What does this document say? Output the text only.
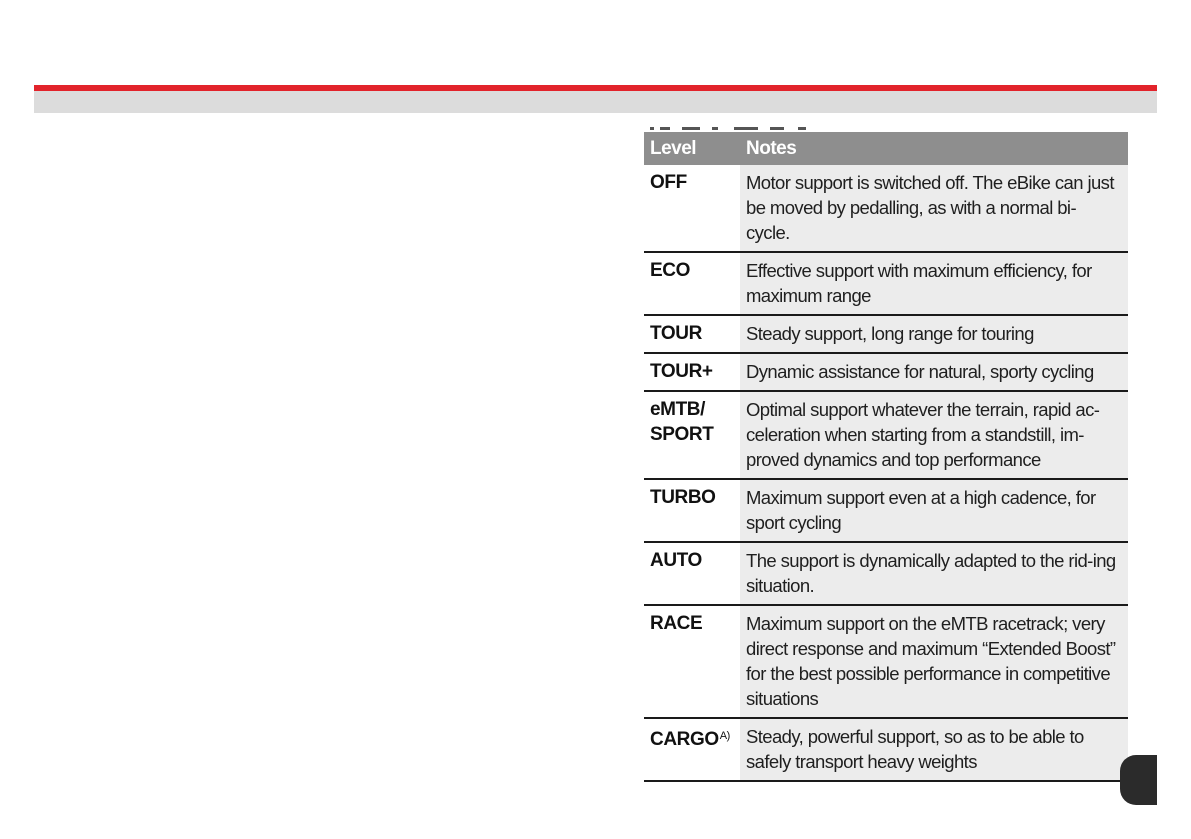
Level	Notes
OFF	Motor support is switched off. The eBike can just be moved by pedalling, as with a normal bi-cycle.
ECO	Effective support with maximum efficiency, for maximum range
TOUR	Steady support, long range for touring
TOUR+	Dynamic assistance for natural, sporty cycling
eMTB/ SPORT	Optimal support whatever the terrain, rapid ac-celeration when starting from a standstill, im-proved dynamics and top performance
TURBO	Maximum support even at a high cadence, for sport cycling
AUTO	The support is dynamically adapted to the rid-ing situation.
RACE	Maximum support on the eMTB racetrack; very direct response and maximum “Extended Boost” for the best possible performance in competitive situations
$CARGO^{A)}$	Steady, powerful support, so as to be able to safely transport heavy weights
